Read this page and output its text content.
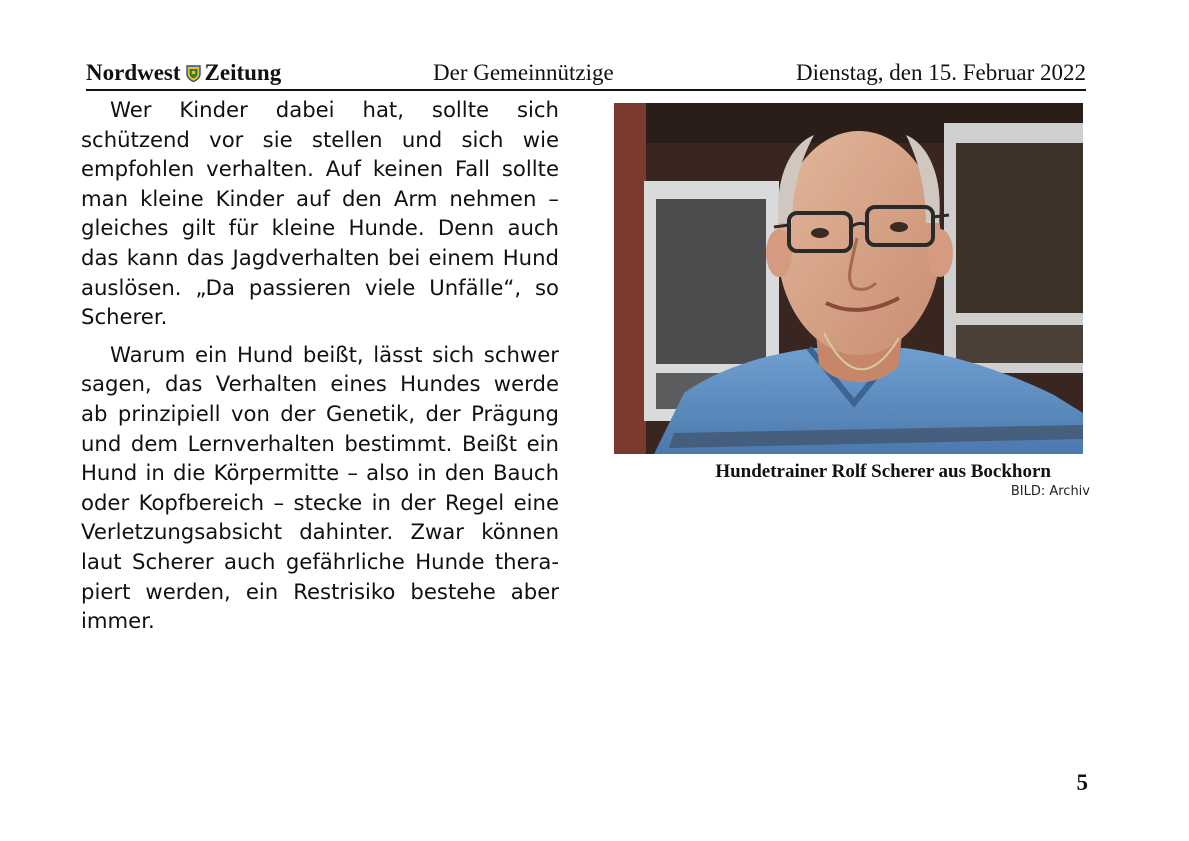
Nordwest Zeitung	Der Gemeinnützige	Dienstag, den 15. Februar 2022

Wer Kinder dabei hat, sollte sich schützend vor sie stellen und sich wie empfohlen verhalten. Auf keinen Fall sollte man kleine Kinder auf den Arm nehmen – gleiches gilt für kleine Hunde. Denn auch das kann das Jagdverhalten bei einem Hund auslösen. „Da passieren viele Unfälle“, so Scherer.

Warum ein Hund beißt, lässt sich schwer sagen, das Verhalten eines Hundes werde ab prinzipiell von der Genetik, der Prägung und dem Lernverhalten bestimmt. Beißt ein Hund in die Körpermitte – also in den Bauch oder Kopfbereich – stecke in der Regel eine Verletzungsabsicht dahinter. Zwar können laut Scherer auch gefährliche Hunde therapiert werden, ein Restrisiko bestehe aber immer.

Hundetrainer Rolf Scherer aus Bockhorn
BILD: Archiv
5
